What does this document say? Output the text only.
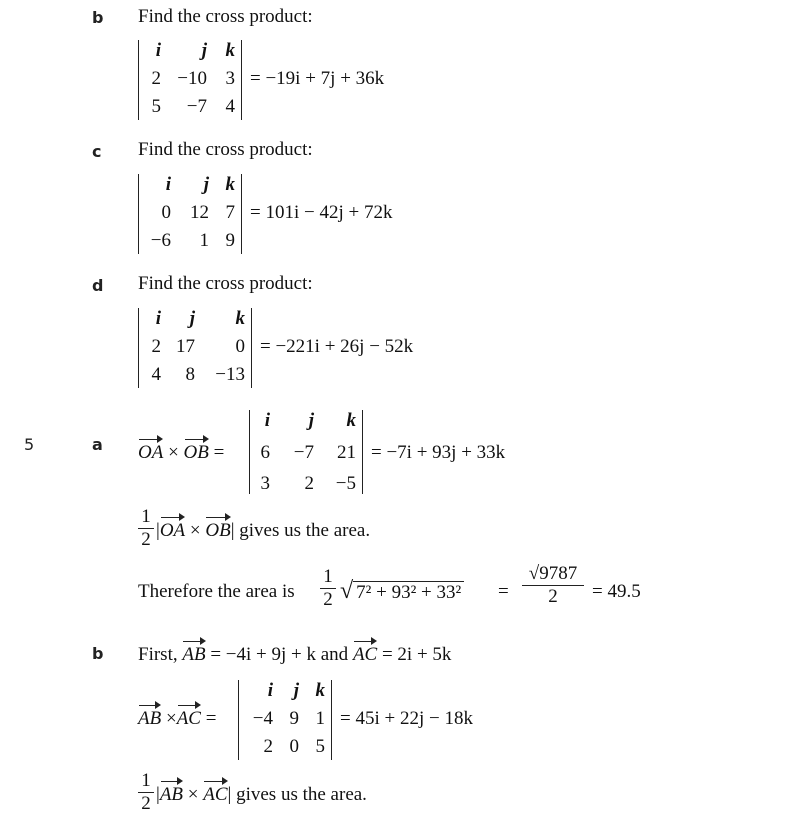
b Find the cross product:
i j k
2 −10 3
5 −7 4
= −19i + 7j + 36k
c Find the cross product:
i j k
0 12 7
−6 1 9
= 101i − 42j + 72k
d Find the cross product:
i j k
2 17 0
4 8 −13
= −221i + 26j − 52k
5	a OA × OB =
i j k
6 −7 21
3 2 −5
= −7i + 93j + 33k
$\frac{1}{2} |OA \times OB|$ gives us the area.
Therefore the area is $\frac{1}{2}$ √ $7^2 + 93^2 + 33^2 = \frac{√9787}{2} = 49.5$
b First, AB = −4i + 9j + k and AC = 2i + 5k
AB ×AC =
i j k
−4 9 1
2 0 5
= 45i + 22j − 18k
$\frac{1}{2} |AB \times AC|$ gives us the area.
